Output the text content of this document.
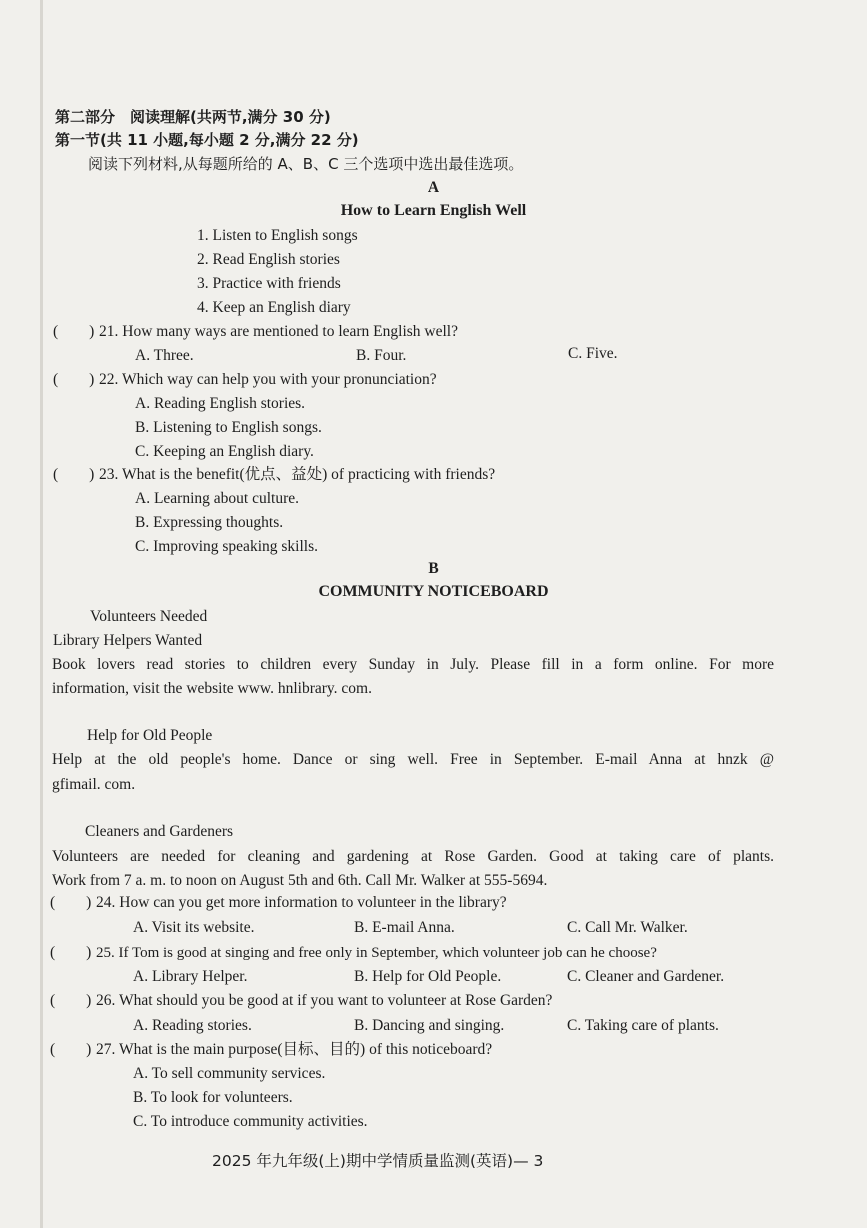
第二部分　阅读理解(共两节,满分 30 分)
第一节(共 11 小题,每小题 2 分,满分 22 分)
阅读下列材料,从每题所给的 A、B、C 三个选项中选出最佳选项。
A
How to Learn English Well
1. Listen to English songs
2. Read English stories
3. Practice with friends
4. Keep an English diary
(　　) 21. How many ways are mentioned to learn English well?
A. Three.	B. Four.	C. Five.
(　　) 22. Which way can help you with your pronunciation?
A. Reading English stories.
B. Listening to English songs.
C. Keeping an English diary.
(　　) 23. What is the benefit(优点、益处) of practicing with friends?
A. Learning about culture.
B. Expressing thoughts.
C. Improving speaking skills.
B
COMMUNITY NOTICEBOARD
Volunteers Needed
Library Helpers Wanted
Book lovers read stories to children every Sunday in July. Please fill in a form online. For more
information, visit the website www. hnlibrary. com.
Help for Old People
Help at the old people's home. Dance or sing well. Free in September. E-mail Anna at hnzk @
gfimail. com.
Cleaners and Gardeners
Volunteers are needed for cleaning and gardening at Rose Garden. Good at taking care of plants.
Work from 7 a. m. to noon on August 5th and 6th. Call Mr. Walker at 555-5694.
(　　) 24. How can you get more information to volunteer in the library?
A. Visit its website.	B. E-mail Anna.	C. Call Mr. Walker.
(　　) 25. If Tom is good at singing and free only in September, which volunteer job can he choose?
A. Library Helper.	B. Help for Old People.	C. Cleaner and Gardener.
(　　) 26. What should you be good at if you want to volunteer at Rose Garden?
A. Reading stories.	B. Dancing and singing.	C. Taking care of plants.
(　　) 27. What is the main purpose(目标、目的) of this noticeboard?
A. To sell community services.
B. To look for volunteers.
C. To introduce community activities.
2025 年九年级(上)期中学情质量监测(英语)— 3
